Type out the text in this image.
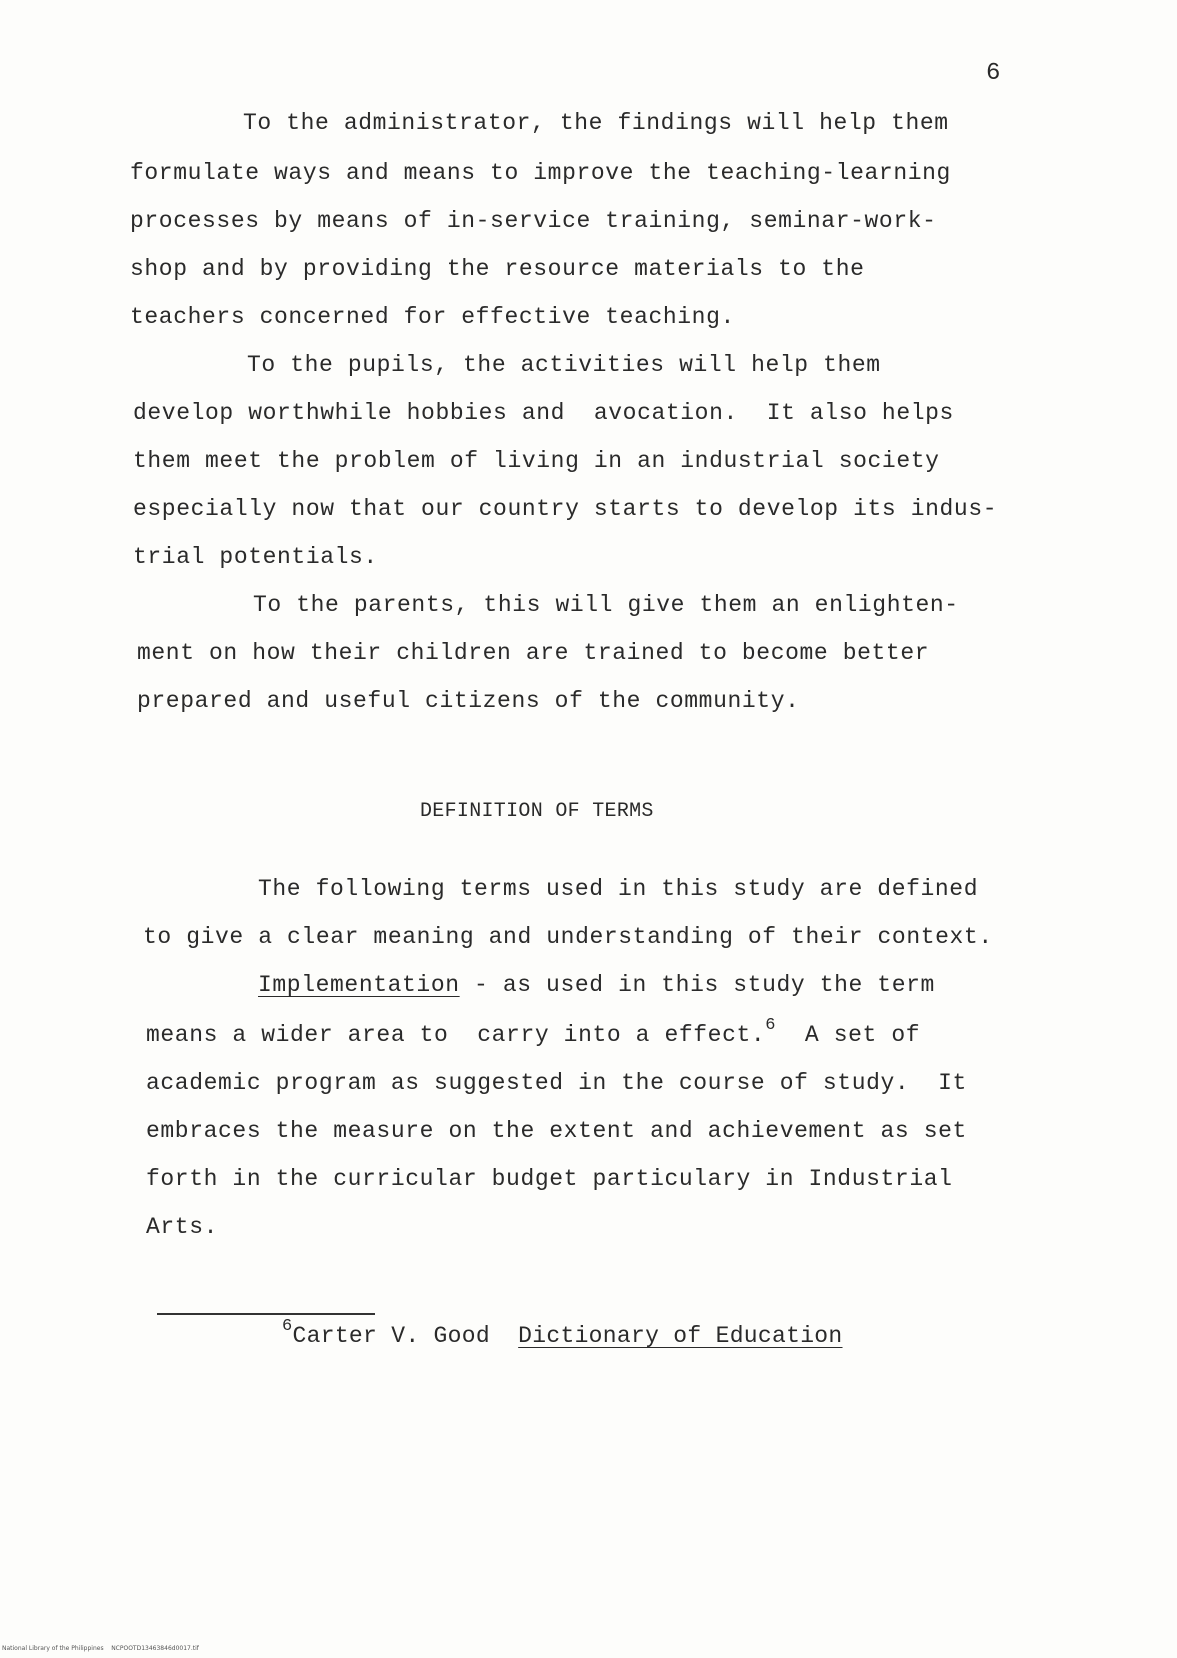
6
To the administrator, the findings will help them
formulate ways and means to improve the teaching-learning
processes by means of in-service training, seminar-work-
shop and by providing the resource materials to the
teachers concerned for effective teaching.
To the pupils, the activities will help them
develop worthwhile hobbies and  avocation.  It also helps
them meet the problem of living in an industrial society
especially now that our country starts to develop its indus-
trial potentials.
To the parents, this will give them an enlighten-
ment on how their children are trained to become better
prepared and useful citizens of the community.
DEFINITION OF TERMS
The following terms used in this study are defined
to give a clear meaning and understanding of their context.
Implementation - as used in this study the term
means a wider area to  carry into a effect.$^6$  A set of
academic program as suggested in the course of study.  It
embraces the measure on the extent and achievement as set
forth in the curricular budget particulary in Industrial
Arts.
$^6$Carter V. Good  Dictionary of Education
National Library of the Philippines    NCPOOTD13463846d0017.tif
